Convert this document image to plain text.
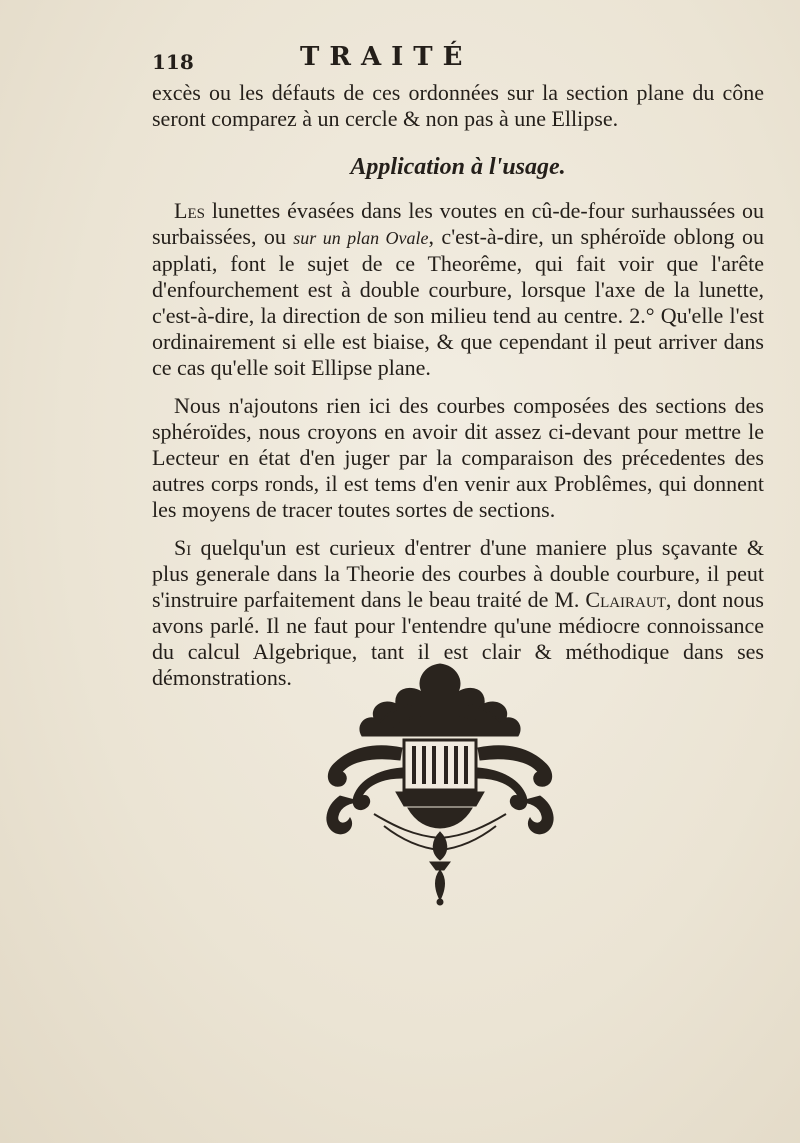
118	TRAITÉ

excès ou les défauts de ces ordonnées sur la section plane du cône seront comparez à un cercle & non pas à une Ellipse.

Application à l'usage.

Les lunettes évasées dans les voutes en cû-de-four surhaussées ou surbaissées, ou sur un plan Ovale, c'est-à-dire, un sphéroïde oblong ou applati, font le sujet de ce Theorême, qui fait voir que l'arête d'enfourchement est à double courbure, lorsque l'axe de la lunette, c'est-à-dire, la direction de son milieu tend au centre. 2.° Qu'elle l'est ordinairement si elle est biaise, & que cependant il peut arriver dans ce cas qu'elle soit Ellipse plane.

Nous n'ajoutons rien ici des courbes composées des sections des sphéroïdes, nous croyons en avoir dit assez ci-devant pour mettre le Lecteur en état d'en juger par la comparaison des précedentes des autres corps ronds, il est tems d'en venir aux Problêmes, qui donnent les moyens de tracer toutes sortes de sections.

Si quelqu'un est curieux d'entrer d'une maniere plus sçavante & plus generale dans la Theorie des courbes à double courbure, il peut s'instruire parfaitement dans le beau traité de M. Clairaut, dont nous avons parlé. Il ne faut pour l'entendre qu'une médiocre connoissance du calcul Algebrique, tant il est clair & méthodique dans ses démonstrations.
